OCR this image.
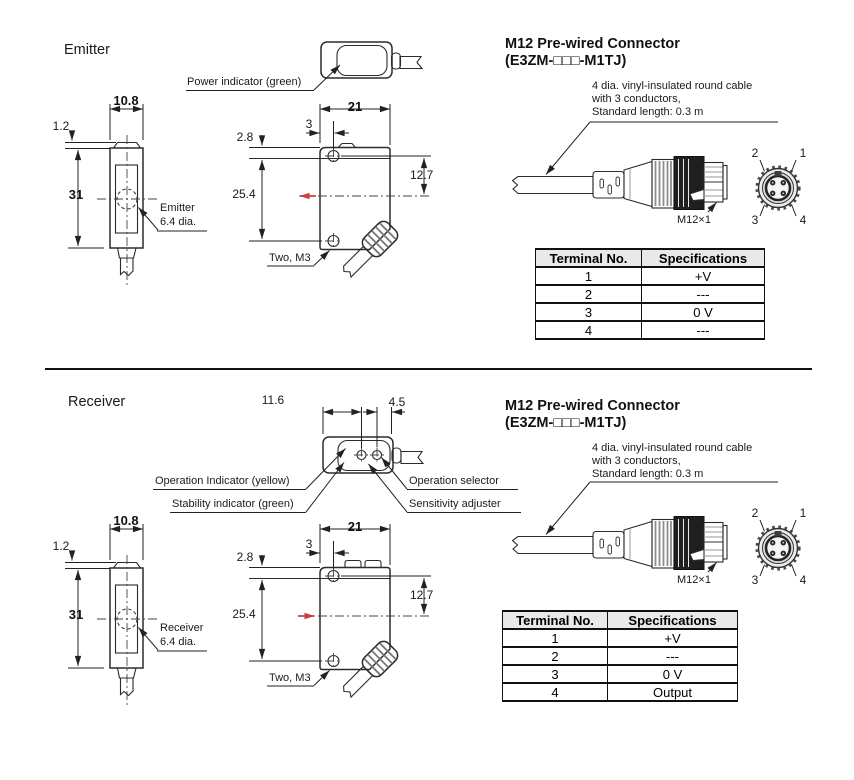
Emitter
Power indicator (green)
10.8
1.2
31
Emitter
6.4 dia.
21
3
2.8
25.4
12.7
Two, M3
M12 Pre-wired Connector
(E3ZM-□□□-M1TJ)
4 dia. vinyl-insulated round cable
with 3 conductors,
Standard length: 0.3 m
M12×1
2	1
3	4
Terminal No.	Specifications
1	+V
2	---
3	0 V
4	---
Receiver	11.6	4.5
Operation Indicator (yellow)
Stability indicator (green)
Operation selector
Sensitivity adjuster
10.8
1.2
31
Receiver
6.4 dia.
21
3
2.8
25.4
12.7
Two, M3
M12 Pre-wired Connector
(E3ZM-□□□-M1TJ)
4 dia. vinyl-insulated round cable
with 3 conductors,
Standard length: 0.3 m
M12×1
2	1
3	4
Terminal No.	Specifications
1	+V
2	---
3	0 V
4	Output
